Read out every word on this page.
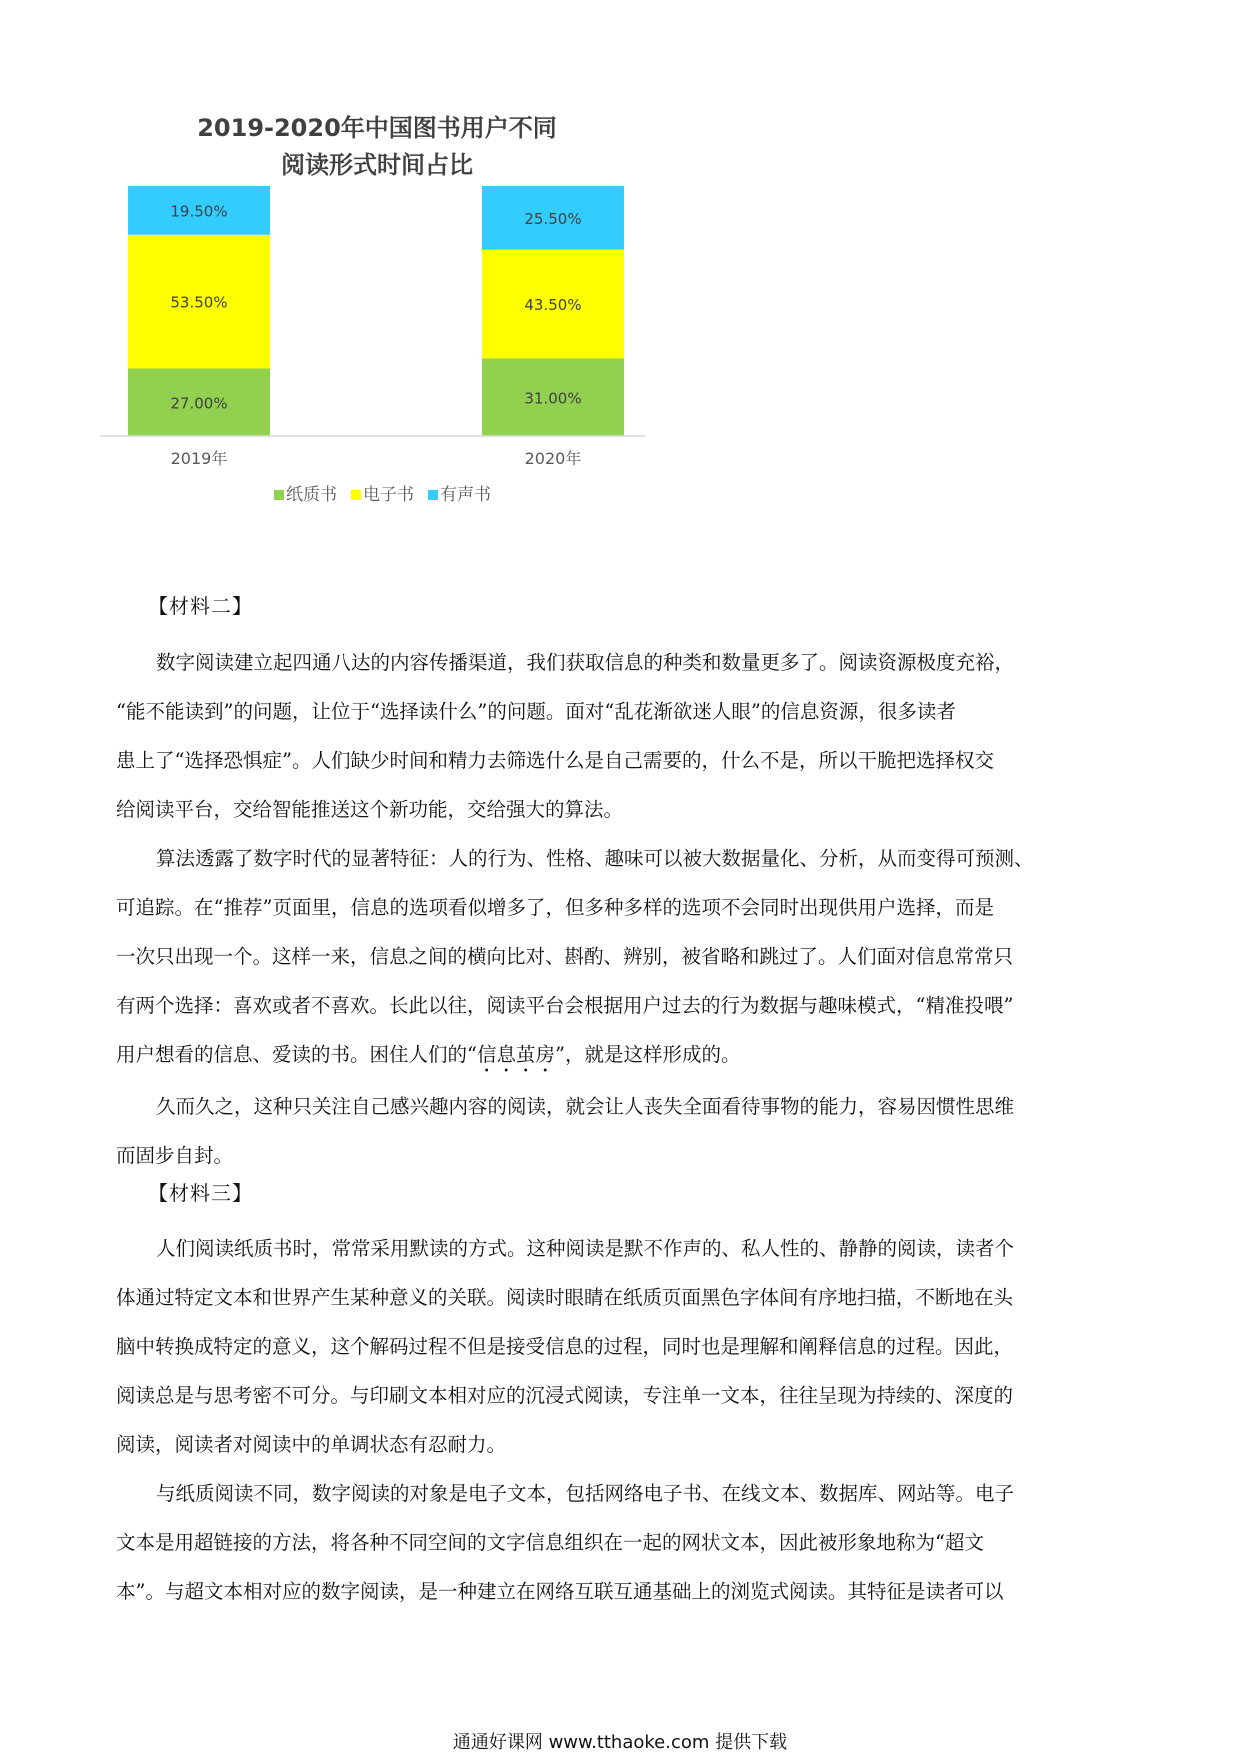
2019-2020年中国图书用户不同
阅读形式时间占比
27.00%
53.50%
19.50%
31.00%
43.50%
25.50%
2019年	2020年
纸质书 电子书 有声书
【材料二】

数字阅读建立起四通八达的内容传播渠道，我们获取信息的种类和数量更多了。阅读资源极度充裕，
“能不能读到”的问题，让位于“选择读什么”的问题。面对“乱花渐欲迷人眼”的信息资源，很多读者
患上了“选择恐惧症”。人们缺少时间和精力去筛选什么是自己需要的，什么不是，所以干脆把选择权交
给阅读平台，交给智能推送这个新功能，交给强大的算法。

算法透露了数字时代的显著特征：人的行为、性格、趣味可以被大数据量化、分析，从而变得可预测、
可追踪。在“推荐”页面里，信息的选项看似增多了，但多种多样的选项不会同时出现供用户选择，而是
一次只出现一个。这样一来，信息之间的横向比对、斟酌、辨别，被省略和跳过了。人们面对信息常常只
有两个选择：喜欢或者不喜欢。长此以往，阅读平台会根据用户过去的行为数据与趣味模式，“精准投喂”
用户想看的信息、爱读的书。困住人们的“信息茧房”，就是这样形成的。

久而久之，这种只关注自己感兴趣内容的阅读，就会让人丧失全面看待事物的能力，容易因惯性思维
而固步自封。

【材料三】

人们阅读纸质书时，常常采用默读的方式。这种阅读是默不作声的、私人性的、静静的阅读，读者个
体通过特定文本和世界产生某种意义的关联。阅读时眼睛在纸质页面黑色字体间有序地扫描，不断地在头
脑中转换成特定的意义，这个解码过程不但是接受信息的过程，同时也是理解和阐释信息的过程。因此，
阅读总是与思考密不可分。与印刷文本相对应的沉浸式阅读，专注单一文本，往往呈现为持续的、深度的
阅读，阅读者对阅读中的单调状态有忍耐力。

与纸质阅读不同，数字阅读的对象是电子文本，包括网络电子书、在线文本、数据库、网站等。电子
文本是用超链接的方法，将各种不同空间的文字信息组织在一起的网状文本，因此被形象地称为“超文
本”。与超文本相对应的数字阅读，是一种建立在网络互联互通基础上的浏览式阅读。其特征是读者可以

通通好课网 www.tthaoke.com 提供下载
